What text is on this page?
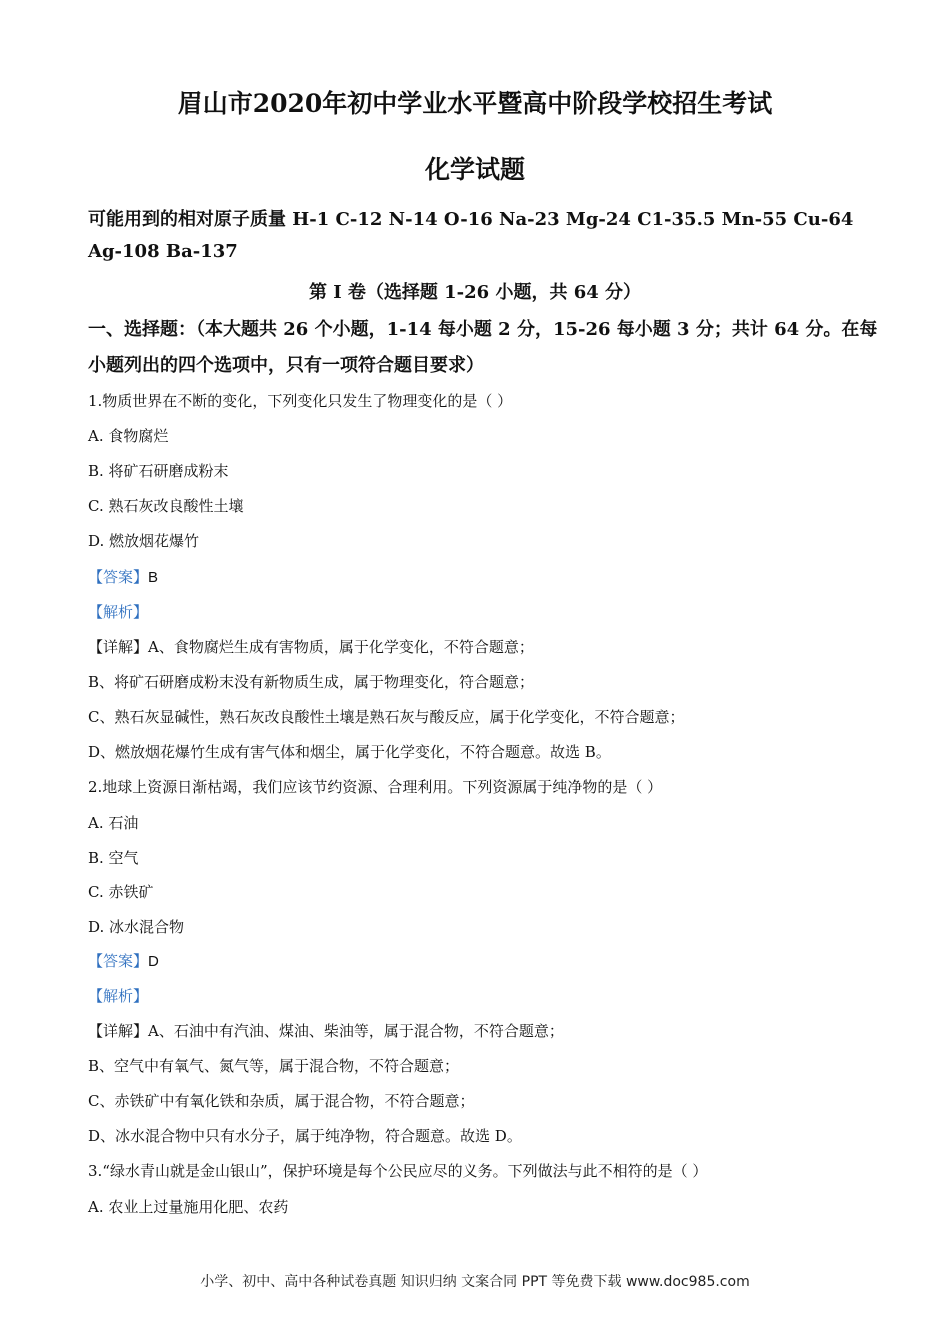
眉山市2020年初中学业水平暨高中阶段学校招生考试
化学试题
可能用到的相对原子质量 H-1 C-12 N-14 O-16 Na-23 Mg-24 C1-35.5 Mn-55 Cu-64
Ag-108 Ba-137
第 I 卷（选择题 1-26 小题，共 64 分）
一、选择题：（本大题共 26 个小题，1-14 每小题 2 分，15-26 每小题 3 分；共计 64 分。在每
小题列出的四个选项中，只有一项符合题目要求）
1.物质世界在不断的变化，下列变化只发生了物理变化的是（ ）
A. 食物腐烂
B. 将矿石研磨成粉末
C. 熟石灰改良酸性土壤
D. 燃放烟花爆竹
【答案】B
【解析】
【详解】A、食物腐烂生成有害物质，属于化学变化，不符合题意；
B、将矿石研磨成粉末没有新物质生成，属于物理变化，符合题意；
C、熟石灰显碱性，熟石灰改良酸性土壤是熟石灰与酸反应，属于化学变化，不符合题意；
D、燃放烟花爆竹生成有害气体和烟尘，属于化学变化，不符合题意。故选 B。
2.地球上资源日渐枯竭，我们应该节约资源、合理利用。下列资源属于纯净物的是（ ）
A. 石油
B. 空气
C. 赤铁矿
D. 冰水混合物
【答案】D
【解析】
【详解】A、石油中有汽油、煤油、柴油等，属于混合物，不符合题意；
B、空气中有氧气、氮气等，属于混合物，不符合题意；
C、赤铁矿中有氧化铁和杂质，属于混合物，不符合题意；
D、冰水混合物中只有水分子，属于纯净物，符合题意。故选 D。
3.“绿水青山就是金山银山”，保护环境是每个公民应尽的义务。下列做法与此不相符的是（ ）
A. 农业上过量施用化肥、农药
小学、初中、高中各种试卷真题 知识归纳 文案合同 PPT 等免费下载 www.doc985.com
